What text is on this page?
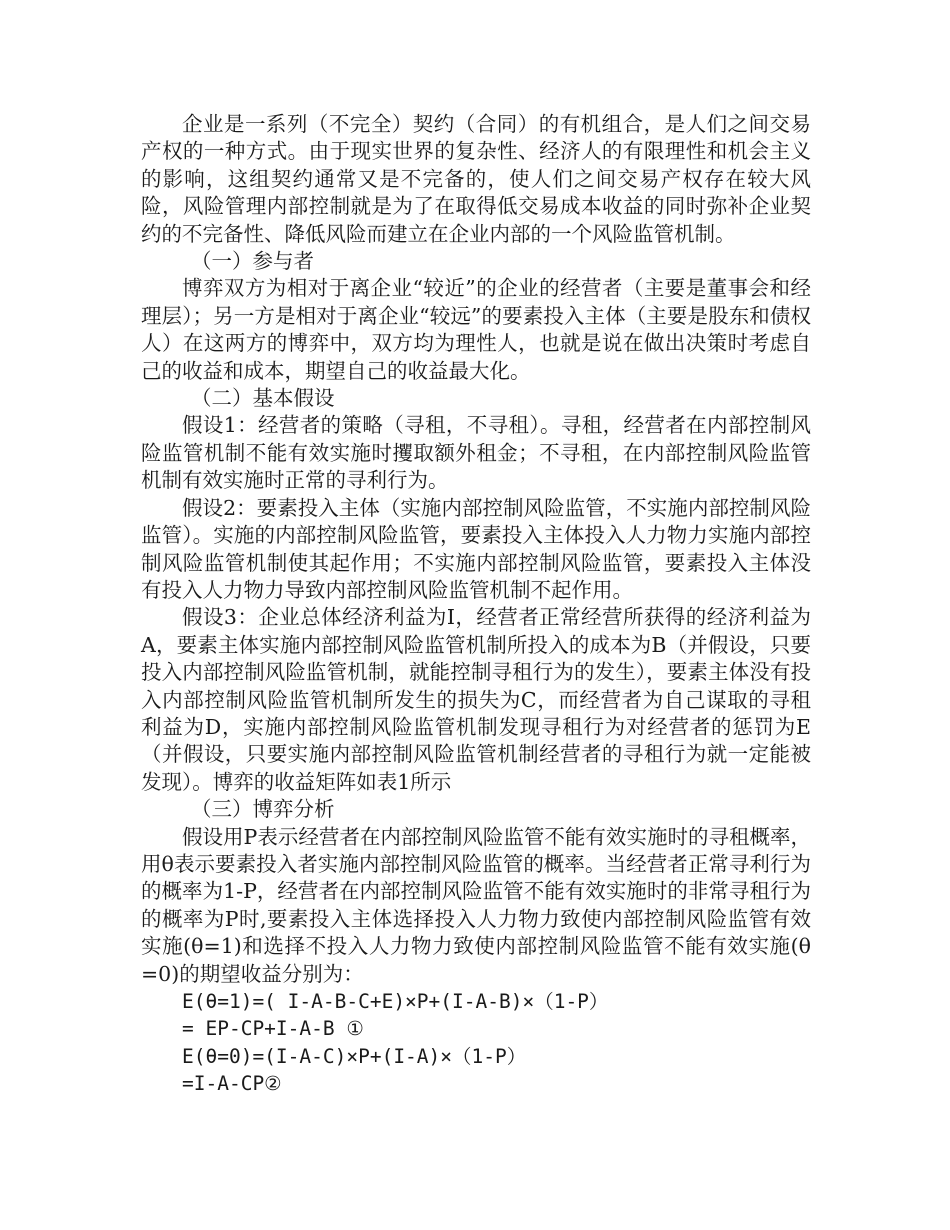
企业是一系列（不完全）契约（合同）的有机组合，是人们之间交易产权的一种方式。由于现实世界的复杂性、经济人的有限理性和机会主义的影响，这组契约通常又是不完备的，使人们之间交易产权存在较大风险，风险管理内部控制就是为了在取得低交易成本收益的同时弥补企业契约的不完备性、降低风险而建立在企业内部的一个风险监管机制。

（一）参与者

博弈双方为相对于离企业“较近”的企业的经营者（主要是董事会和经理层）；另一方是相对于离企业“较远”的要素投入主体（主要是股东和债权人）在这两方的博弈中，双方均为理性人，也就是说在做出决策时考虑自己的收益和成本，期望自己的收益最大化。

（二）基本假设

假设1：经营者的策略（寻租，不寻租）。寻租，经营者在内部控制风险监管机制不能有效实施时攫取额外租金；不寻租，在内部控制风险监管机制有效实施时正常的寻利行为。

假设2：要素投入主体（实施内部控制风险监管，不实施内部控制风险监管）。实施的内部控制风险监管，要素投入主体投入人力物力实施内部控制风险监管机制使其起作用；不实施内部控制风险监管，要素投入主体没有投入人力物力导致内部控制风险监管机制不起作用。

假设3：企业总体经济利益为I，经营者正常经营所获得的经济利益为A，要素主体实施内部控制风险监管机制所投入的成本为B（并假设，只要投入内部控制风险监管机制，就能控制寻租行为的发生），要素主体没有投入内部控制风险监管机制所发生的损失为C，而经营者为自己谋取的寻租利益为D，实施内部控制风险监管机制发现寻租行为对经营者的惩罚为E（并假设，只要实施内部控制风险监管机制经营者的寻租行为就一定能被发现）。博弈的收益矩阵如表1所示

（三）博弈分析

假设用P表示经营者在内部控制风险监管不能有效实施时的寻租概率，用θ表示要素投入者实施内部控制风险监管的概率。当经营者正常寻利行为的概率为1-P，经营者在内部控制风险监管不能有效实施时的非常寻租行为的概率为P时,要素投入主体选择投入人力物力致使内部控制风险监管有效实施(θ=1)和选择不投入人力物力致使内部控制风险监管不能有效实施(θ=0)的期望收益分别为：

E(θ=1)=( I-A-B-C+E)×P+(I-A-B)×（1-P）

= EP-CP+I-A-B ①

E(θ=0)=(I-A-C)×P+(I-A)×（1-P）

=I-A-CP②
